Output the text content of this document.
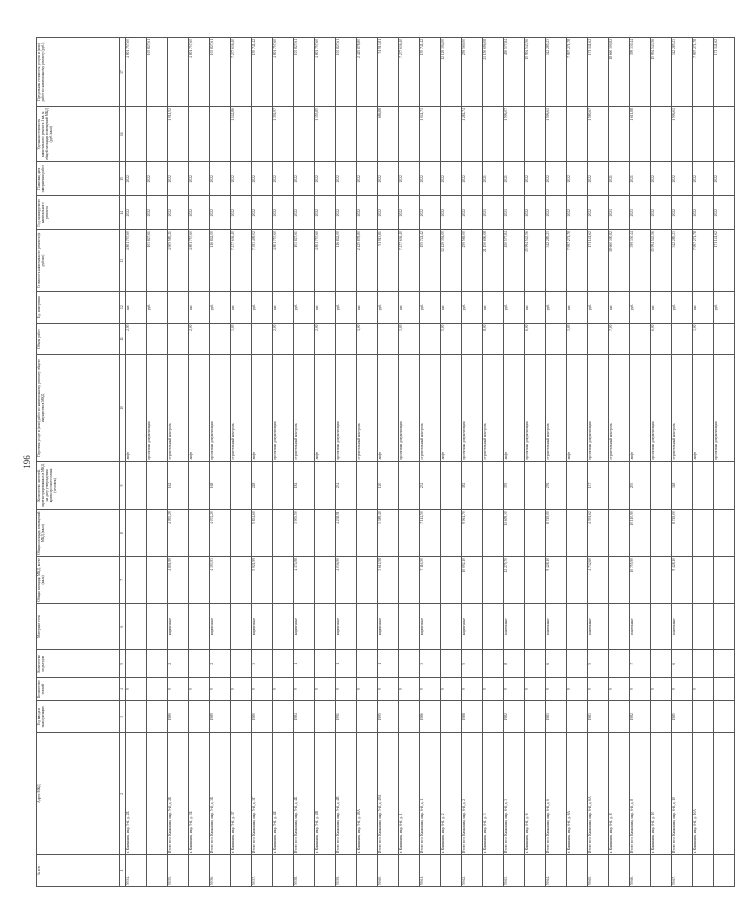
196
№ п/п	Адрес МКД	Год ввода в эксплуатацию	Количество этажей	Количество подъездов	Материал стен	Общая площадь МКД, всего (кв.м)	Общая площадь помещений МКД (кв.м)	Количество жителей, зарегистрированных в МКД на дату утверждения краткосрочного плана (человек)	Перечень услуг и (или) работ по капитальному ремонту общего имущества в МКД	Объем работ	Ед. измерения	Стоимость капитального ремонта (в рублях)	Год планируемого капитального ремонта	Плановая дата завершения работ	Удельная стоимость капитального ремонта 1 кв. м общей площади помещений МКД (руб./кв.м)	Предельная стоимость услуги и (или) работ по капитальному ремонту (руб.)
1	2	3	4	5	6	7	8	9	10	11	12	13	14	15	16	17
59.54.	г. Камышин, мкр. 5-й, д. 2Б		9						лифт	2,00	шт.	4 801 757,60	2022	2022		4 801 757,60
									проектная документация		руб.	103 827,61	2022	2022		103 827,61
59.55.	Итого по г. Камышин, мкр. 5-й, д. 2Б	1980	9	2	кирпичные	4 801,99	4 093,29	162	строительный контроль			4 905 585,21	2022	2022	1 011,52	
	г. Камышин, мкр. 5-й, д. 3Б		9						лифт	2,00	шт.	4 801 757,60	2022	2022		4 801 757,60
59.56.	Итого по г. Камышин, мкр. 5-й, д. 3Б	1989	9	2	кирпичные	4 393,93	4 074,20	168	проектная документация		руб.	116 842,00	2022	2022		103 827,61
	г. Камышин, мкр. 5-й, д. 3Г		9						строительный контроль	3,00	шт.	7 277 636,40	2022	2022	1 142,86	7 277 636,40
59.57.	Итого по г. Камышин, мкр. 5-й, д. 3Г	1980	9	3	кирпичные	5 921,99	5 834,60	228	лифт		руб.	7 393 409,02	2022	2022		155 741,42
	г. Камышин, мкр. 5-й, д. 4Б		9						проектная документация	2,00	шт.	4 801 757,60	2022	2022	1 392,97	4 801 757,60
59.58.	Итого по г. Камышин, мкр. 5-й, д. 4Б	1984	9	1	кирпичные	4 174,98	3 903,50	184	строительный контроль		руб.	103 827,61	2022	2022		103 827,61
	г. Камышин, мкр. 5-й, д. 4В		9						лифт	2,00	шт.	4 801 757,60	2022	2022	1 355,85	4 801 757,60
59.59.	Итого по г. Камышин, мкр. 5-й, д. 4В	1991	9	1	кирпичные	4 036,90	4 238,91	234	проектная документация		руб.	116 842,00	2022	2022		103 827,61
	г. Камышин, мкр. 5-й, д. 49А		9						строительный контроль	1,00	шт.	2 425 878,80	2022	2022		2 425 878,80
59.60.	Итого по г. Камышин, мкр. 5-й, д. 49А	1995	9	1	кирпичные	3 612,58	3 389,40	120	лифт		руб.	51 913,81	2022	2022	686,88	51 913,81
	г. Камышин, мкр. 6-й, д. 1		9						проектная документация	3,00	шт.	7 277 636,40	2022	2022		7 277 636,40
59.61.	Итого по г. Камышин, мкр. 6-й, д. 1	1986	9	3	кирпичные	7 116,50	7 114,50	232	строительный контроль		руб.	155 741,42	2022	2022	1 041,71	155 741,42
	г. Камышин, мкр. 6-й, д. 2		9						лифт	5,00	шт.	12 129 394,00	2022	2022		12 129 394,00
59.62.	Итого по г. Камышин, мкр. 6-й, д. 2	1988	9	5	кирпичные	10 092,10	9 061,70	382	проектная документация		руб.	259 569,00	2022	2022	1 284,74	259 569,00
	г. Камышин, мкр. 6-й, д. 3		9						строительный контроль	8,00	шт.	21 150 696,08	2021	2021		21 150 696,08
59.63.	Итого по г. Камышин, мкр. 6-й, д. 3	1982	9	8	панельные	12 275,70	11 609,30	355	лифт		руб.	450 577,84	2021	2021	1 596,07	450 577,84
	г. Камышин, мкр. 6-й, д. 6		9						проектная документация	6,00	шт.	15 994 543,56	2022	2022		15 994 543,56
59.64.	Итого по г. Камышин, мкр. 6-й, д. 6	1983	9	6	панельные	9 428,10	8 749,00	276	строительный контроль		руб.	342 285,23	2022	2022	1 596,61	342 285,23
	г. Камышин, мкр. 6-й, д. 6А		9						лифт	3,00	шт.	7 997 271,78	2022	2022		7 997 271,78
59.65.	Итого по г. Камышин, мкр. 6-й, д. 6А	1983	9	5	панельные	4 732,60	4 391,62	137	проектная документация		руб.	171 141,62	2022	2022	1 580,67	171 141,62
	г. Камышин, мкр. 6-й, д. 8		9						строительный контроль	7,00	шт.	18 660 300,82	2021	2021		18 660 300,82
59.66.	Итого по г. Камышин, мкр. 6-й, д. 8	1982	9	7	панельные	10 755,90	10 110,90	293	лифт		руб.	399 330,44	2021	2021	1 611,88	399 330,44
	г. Камышин, мкр. 6-й, д. 10		9						проектная документация	6,00	шт.	15 994 543,56	2022	2022		15 994 543,56
59.67.	Итого по г. Камышин, мкр. 6-й, д. 10	1985	9	6	панельные	9 428,10	8 749,00	348	строительный контроль		руб.	342 285,23	2022	2022	1 596,61	342 285,23
	г. Камышин, мкр. 6-й, д. 10А		9						лифт	3,00	шт.	7 997 271,78	2022	2022		7 997 271,78
									проектная документация		руб.	171 141,62	2022	2022		171 141,62
